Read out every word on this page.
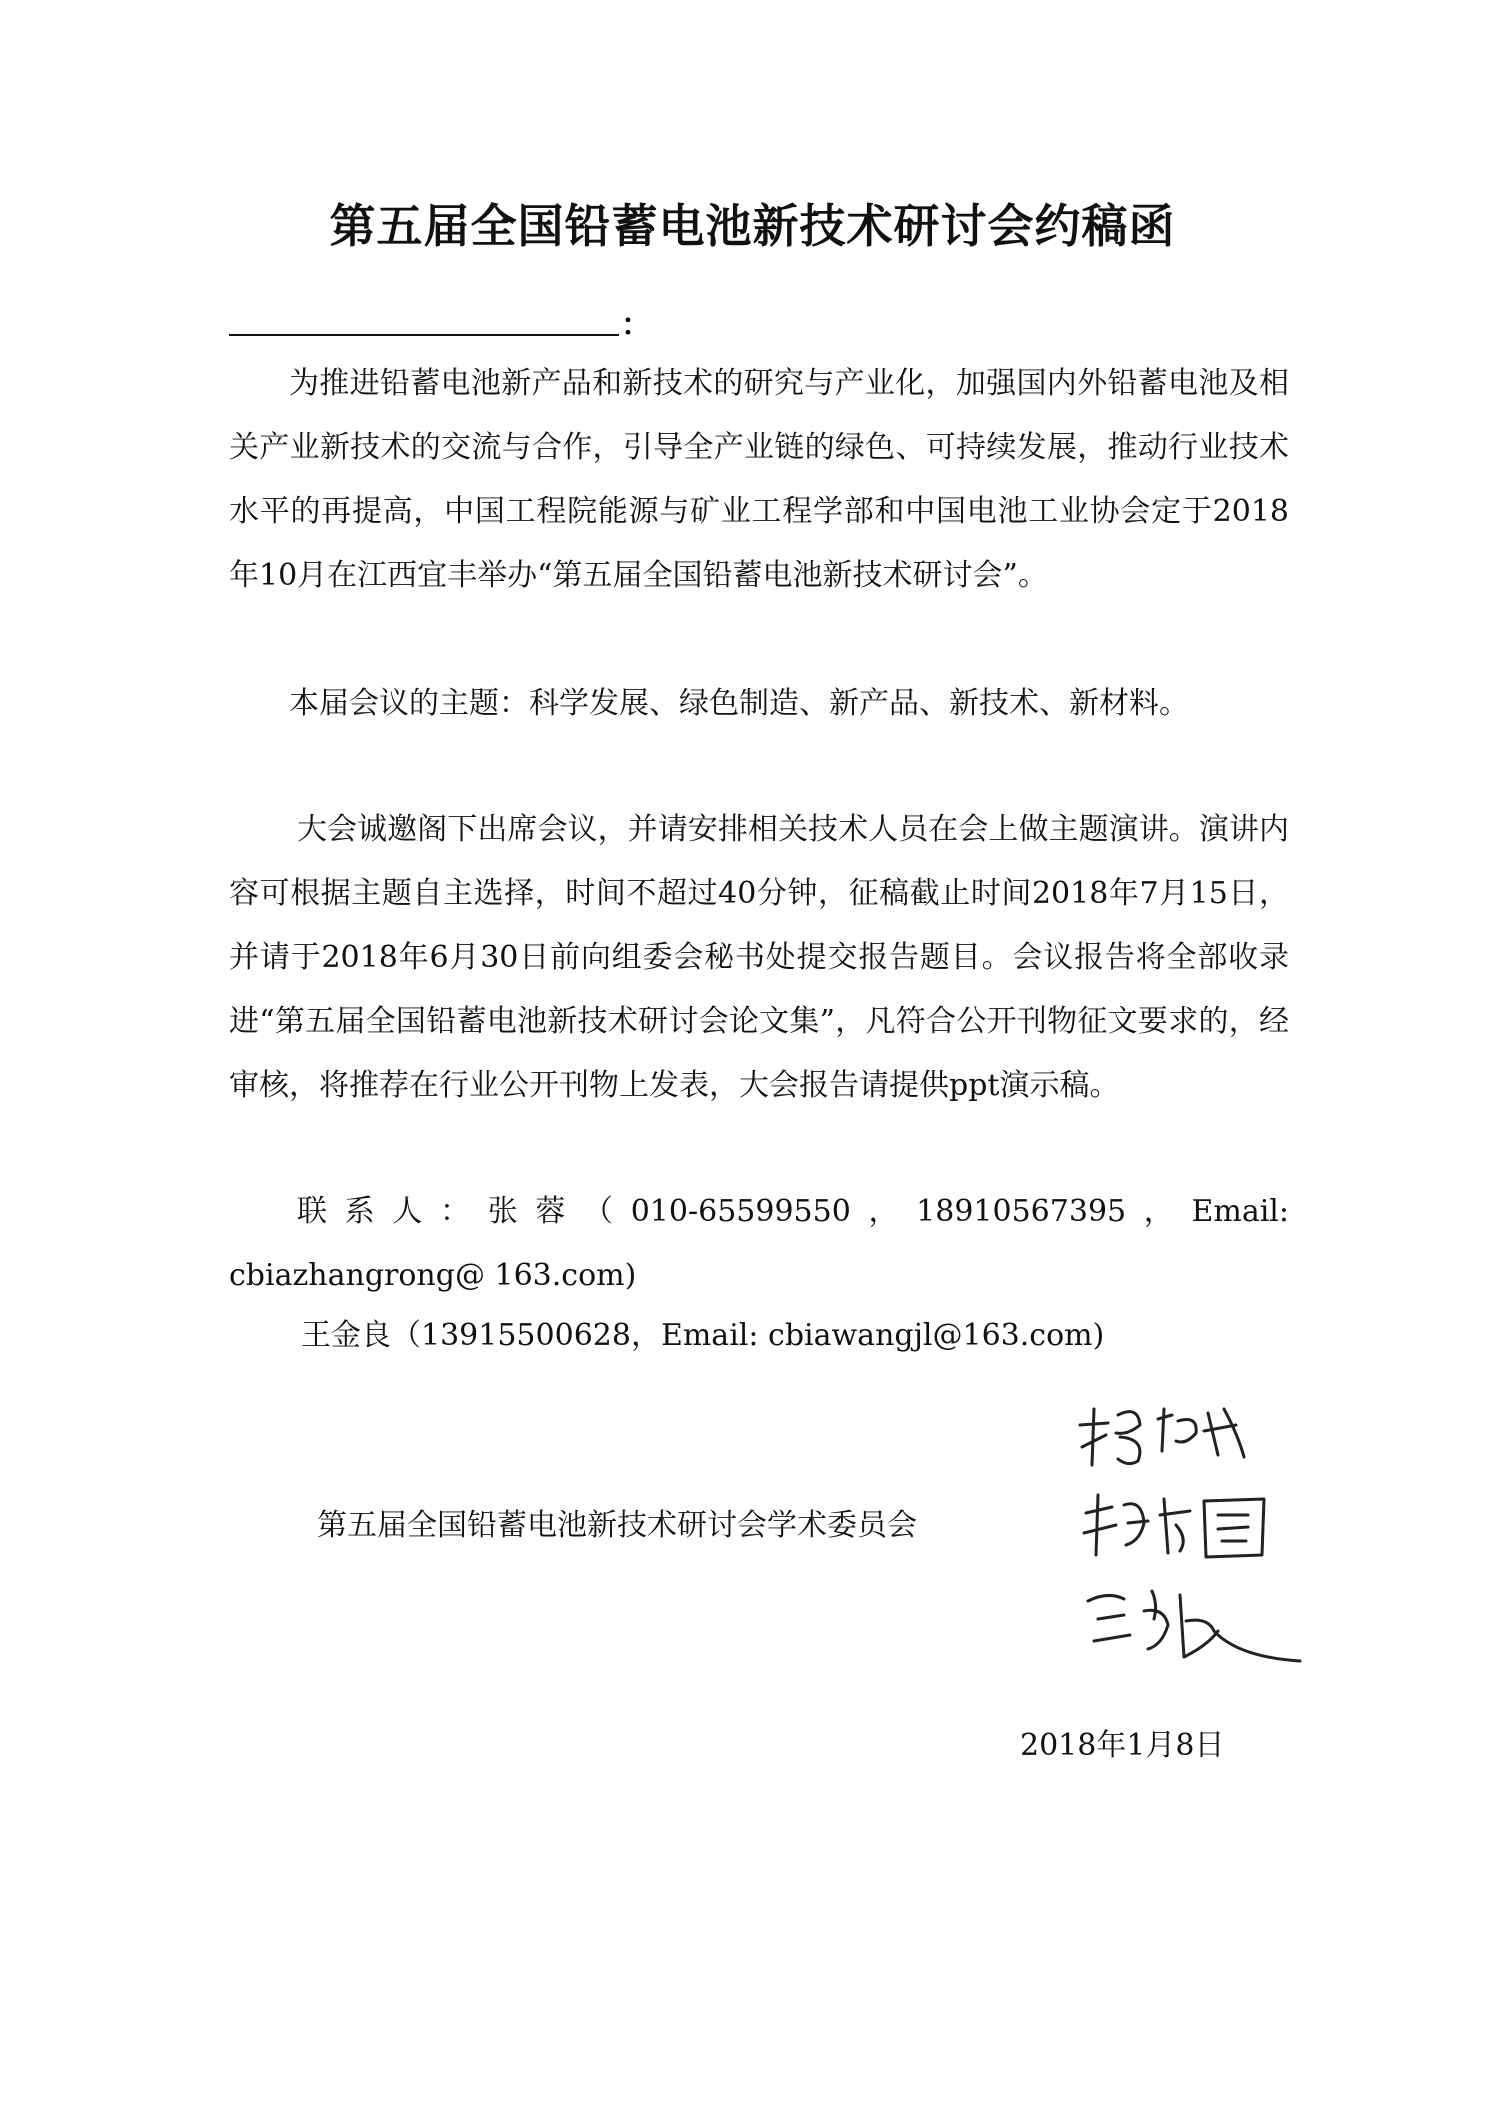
第五届全国铅蓄电池新技术研讨会约稿函
：
为推进铅蓄电池新产品和新技术的研究与产业化，加强国内外铅蓄电池及相关产业新技术的交流与合作，引导全产业链的绿色、可持续发展，推动行业技术水平的再提高，中国工程院能源与矿业工程学部和中国电池工业协会定于2018年10月在江西宜丰举办“第五届全国铅蓄电池新技术研讨会”。
本届会议的主题：科学发展、绿色制造、新产品、新技术、新材料。
大会诚邀阁下出席会议，并请安排相关技术人员在会上做主题演讲。演讲内容可根据主题自主选择，时间不超过40分钟，征稿截止时间2018年7月15日，并请于2018年6月30日前向组委会秘书处提交报告题目。会议报告将全部收录进“第五届全国铅蓄电池新技术研讨会论文集”，凡符合公开刊物征文要求的，经审核，将推荐在行业公开刊物上发表，大会报告请提供ppt演示稿。
联系人：张蓉（010-65599550，18910567395，Email: cbiazhangrong@ 163.com)
王金良（13915500628，Email: cbiawangjl@163.com)
第五届全国铅蓄电池新技术研讨会学术委员会
2018年1月8日
